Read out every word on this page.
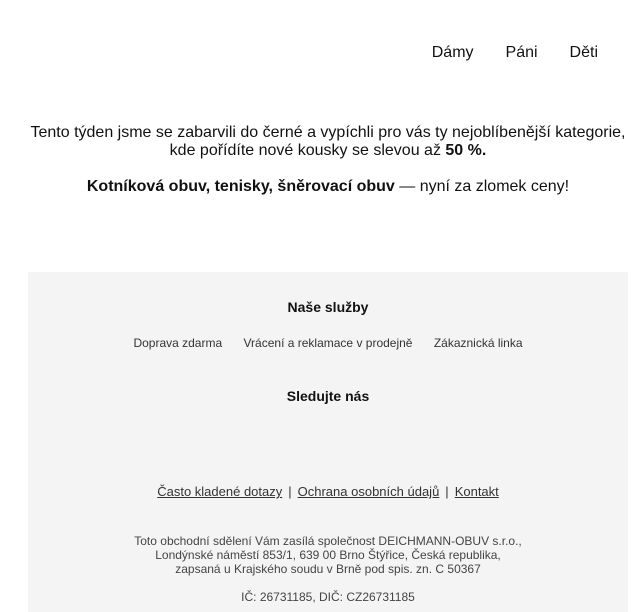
Dámy Páni Děti
Tento týden jsme se zabarvili do černé a vypíchli pro vás ty nejoblíbenější kategorie,
kde pořídíte nové kousky se slevou až 50 %.
Kotníková obuv, tenisky, šněrovací obuv — nyní za zlomek ceny!
Naše služby
Doprava zdarma Vrácení a reklamace v prodejně Zákaznická linka
Sledujte nás
Často kladené dotazy | Ochrana osobních údajů | Kontakt
Toto obchodní sdělení Vám zasílá společnost DEICHMANN-OBUV s.r.o.,
Londýnské náměstí 853/1, 639 00 Brno Štýřice, Česká republika,
zapsaná u Krajského soudu v Brně pod spis. zn. C 50367
IČ: 26731185, DIČ: CZ26731185
